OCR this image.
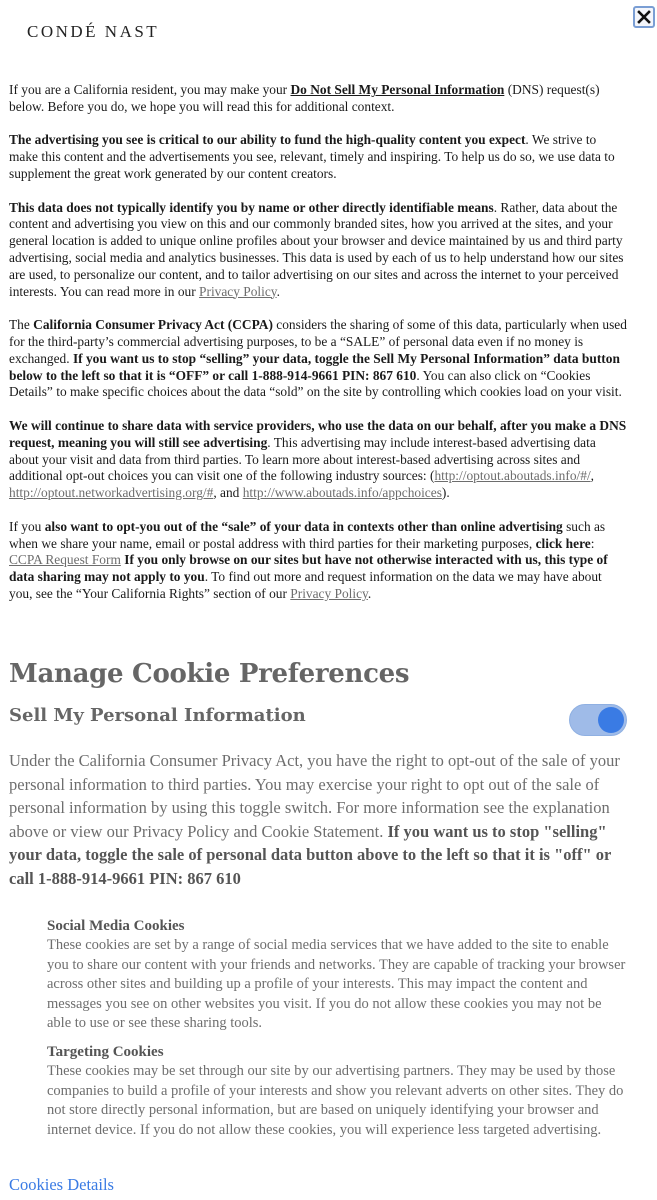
CONDÉ NAST

If you are a California resident, you may make your Do Not Sell My Personal Information (DNS) request(s) below. Before you do, we hope you will read this for additional context.

The advertising you see is critical to our ability to fund the high-quality content you expect. We strive to make this content and the advertisements you see, relevant, timely and inspiring. To help us do so, we use data to supplement the great work generated by our content creators.

This data does not typically identify you by name or other directly identifiable means. Rather, data about the content and advertising you view on this and our commonly branded sites, how you arrived at the sites, and your general location is added to unique online profiles about your browser and device maintained by us and third party advertising, social media and analytics businesses. This data is used by each of us to help understand how our sites are used, to personalize our content, and to tailor advertising on our sites and across the internet to your perceived interests. You can read more in our Privacy Policy.

The California Consumer Privacy Act (CCPA) considers the sharing of some of this data, particularly when used for the third-party’s commercial advertising purposes, to be a “SALE” of personal data even if no money is exchanged. If you want us to stop “selling” your data, toggle the Sell My Personal Information” data button below to the left so that it is “OFF” or call 1-888-914-9661 PIN: 867 610. You can also click on “Cookies Details” to make specific choices about the data “sold” on the site by controlling which cookies load on your visit.

We will continue to share data with service providers, who use the data on our behalf, after you make a DNS request, meaning you will still see advertising. This advertising may include interest-based advertising data about your visit and data from third parties. To learn more about interest-based advertising across sites and additional opt-out choices you can visit one of the following industry sources: (http://optout.aboutads.info/#/, http://optout.networkadvertising.org/#, and http://www.aboutads.info/appchoices).

If you also want to opt-you out of the “sale” of your data in contexts other than online advertising such as when we share your name, email or postal address with third parties for their marketing purposes, click here: CCPA Request Form If you only browse on our sites but have not otherwise interacted with us, this type of data sharing may not apply to you. To find out more and request information on the data we may have about you, see the “Your California Rights” section of our Privacy Policy.

Manage Cookie Preferences
Sell My Personal Information
Under the California Consumer Privacy Act, you have the right to opt-out of the sale of your personal information to third parties. You may exercise your right to opt out of the sale of personal information by using this toggle switch. For more information see the explanation above or view our Privacy Policy and Cookie Statement. If you want us to stop "selling" your data, toggle the sale of personal data button above to the left so that it is "off" or call 1-888-914-9661 PIN: 867 610
Social Media Cookies
These cookies are set by a range of social media services that we have added to the site to enable you to share our content with your friends and networks. They are capable of tracking your browser across other sites and building up a profile of your interests. This may impact the content and messages you see on other websites you visit. If you do not allow these cookies you may not be able to use or see these sharing tools.
Targeting Cookies
These cookies may be set through our site by our advertising partners. They may be used by those companies to build a profile of your interests and show you relevant adverts on other sites. They do not store directly personal information, but are based on uniquely identifying your browser and internet device. If you do not allow these cookies, you will experience less targeted advertising.
Cookies Details
